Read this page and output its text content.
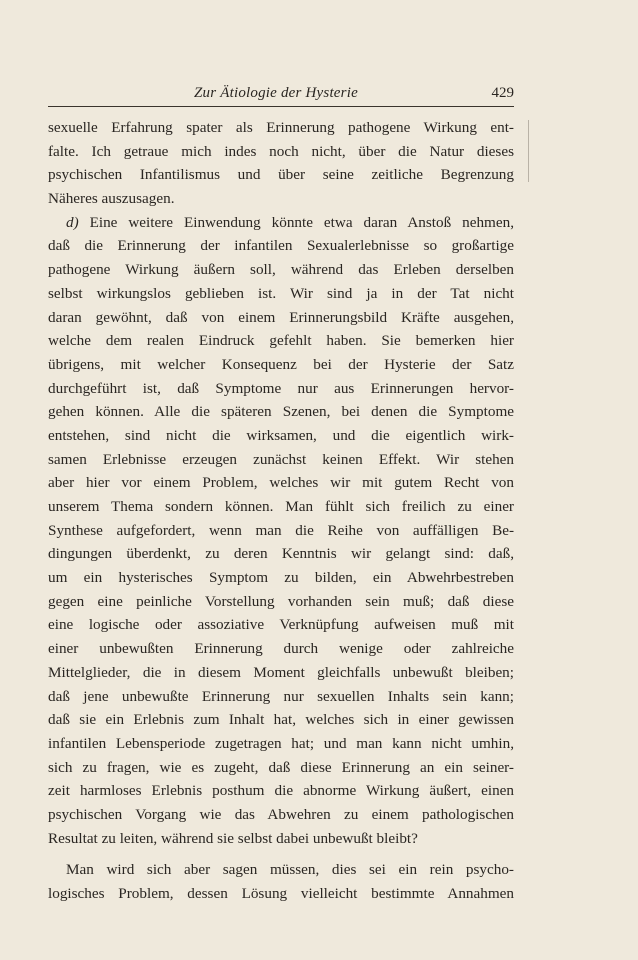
Zur Ätiologie der Hysterie	429
sexuelle Erfahrung spater als Erinnerung pathogene Wirkung ent-
falte. Ich getraue mich indes noch nicht, über die Natur dieses
psychischen Infantilismus und über seine zeitliche Begrenzung
Näheres auszusagen.
d) Eine weitere Einwendung könnte etwa daran Anstoß nehmen,
daß die Erinnerung der infantilen Sexualerlebnisse so großartige
pathogene Wirkung äußern soll, während das Erleben derselben
selbst wirkungslos geblieben ist. Wir sind ja in der Tat nicht
daran gewöhnt, daß von einem Erinnerungsbild Kräfte ausgehen,
welche dem realen Eindruck gefehlt haben. Sie bemerken hier
übrigens, mit welcher Konsequenz bei der Hysterie der Satz
durchgeführt ist, daß Symptome nur aus Erinnerungen hervor-
gehen können. Alle die späteren Szenen, bei denen die Symptome
entstehen, sind nicht die wirksamen, und die eigentlich wirk-
samen Erlebnisse erzeugen zunächst keinen Effekt. Wir stehen
aber hier vor einem Problem, welches wir mit gutem Recht von
unserem Thema sondern können. Man fühlt sich freilich zu einer
Synthese aufgefordert, wenn man die Reihe von auffälligen Be-
dingungen überdenkt, zu deren Kenntnis wir gelangt sind: daß,
um ein hysterisches Symptom zu bilden, ein Abwehrbestreben
gegen eine peinliche Vorstellung vorhanden sein muß; daß diese
eine logische oder assoziative Verknüpfung aufweisen muß mit
einer unbewußten Erinnerung durch wenige oder zahlreiche
Mittelglieder, die in diesem Moment gleichfalls unbewußt bleiben;
daß jene unbewußte Erinnerung nur sexuellen Inhalts sein kann;
daß sie ein Erlebnis zum Inhalt hat, welches sich in einer gewissen
infantilen Lebensperiode zugetragen hat; und man kann nicht umhin,
sich zu fragen, wie es zugeht, daß diese Erinnerung an ein seiner-
zeit harmloses Erlebnis posthum die abnorme Wirkung äußert, einen
psychischen Vorgang wie das Abwehren zu einem pathologischen
Resultat zu leiten, während sie selbst dabei unbewußt bleibt?
Man wird sich aber sagen müssen, dies sei ein rein psycho-
logisches Problem, dessen Lösung vielleicht bestimmte Annahmen
